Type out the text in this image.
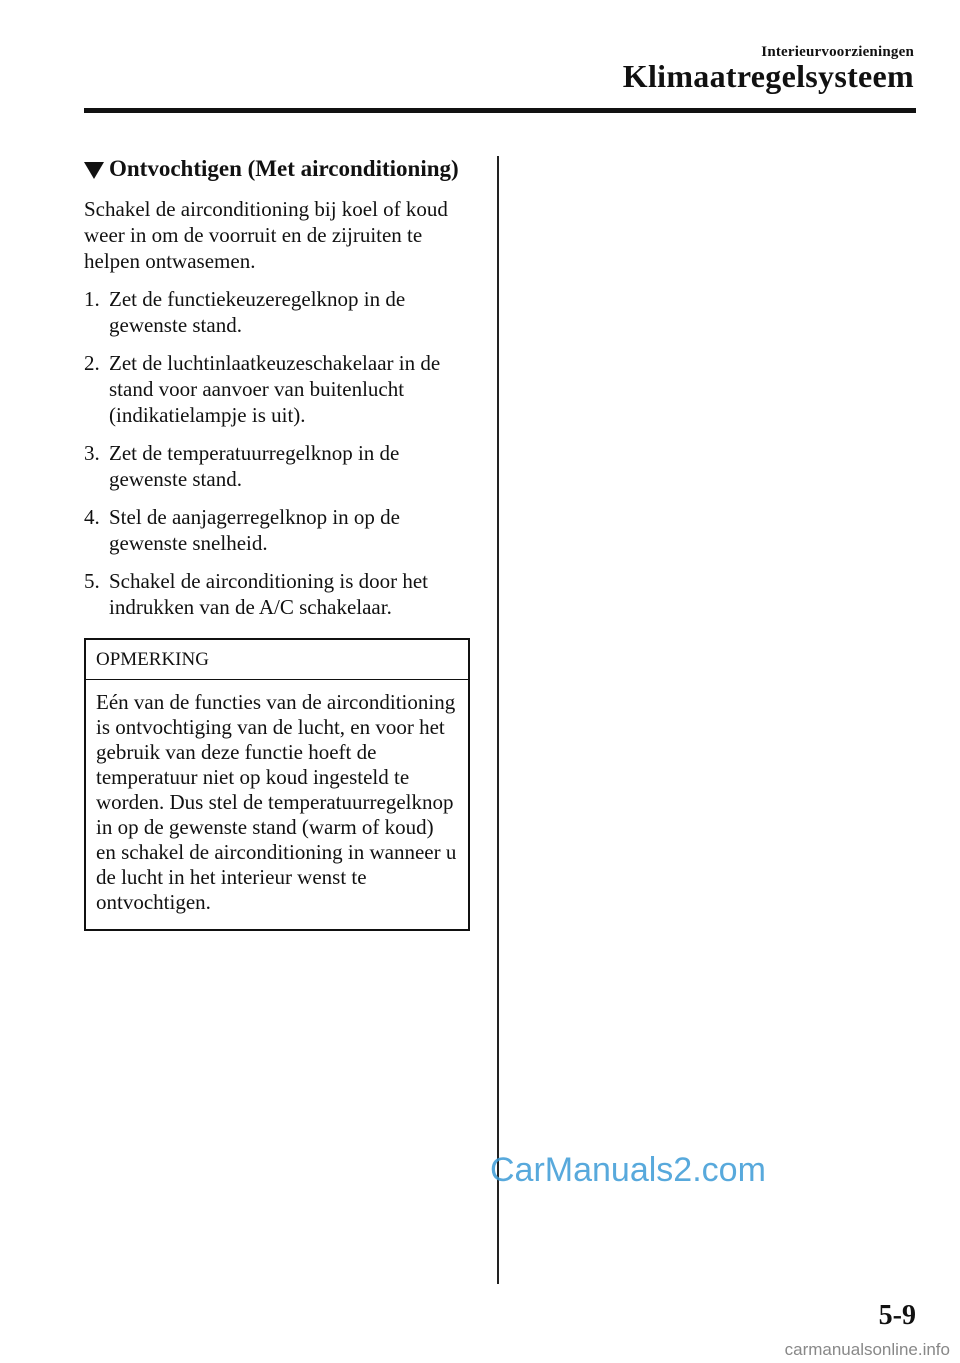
Interieurvoorzieningen
Klimaatregelsysteem
Ontvochtigen (Met airconditioning)

Schakel de airconditioning bij koel of koud weer in om de voorruit en de zijruiten te helpen ontwasemen.

1. Zet de functiekeuzeregelknop in de gewenste stand.
2. Zet de luchtinlaatkeuzeschakelaar in de stand voor aanvoer van buitenlucht (indikatielampje is uit).
3. Zet de temperatuurregelknop in de gewenste stand.
4. Stel de aanjagerregelknop in op de gewenste snelheid.
5. Schakel de airconditioning is door het indrukken van de A/C schakelaar.
OPMERKING
Eén van de functies van de airconditioning is ontvochtiging van de lucht, en voor het gebruik van deze functie hoeft de temperatuur niet op koud ingesteld te worden. Dus stel de temperatuurregelknop in op de gewenste stand (warm of koud) en schakel de airconditioning in wanneer u de lucht in het interieur wenst te ontvochtigen.
CarManuals2.com
5-9
carmanualsonline.info
